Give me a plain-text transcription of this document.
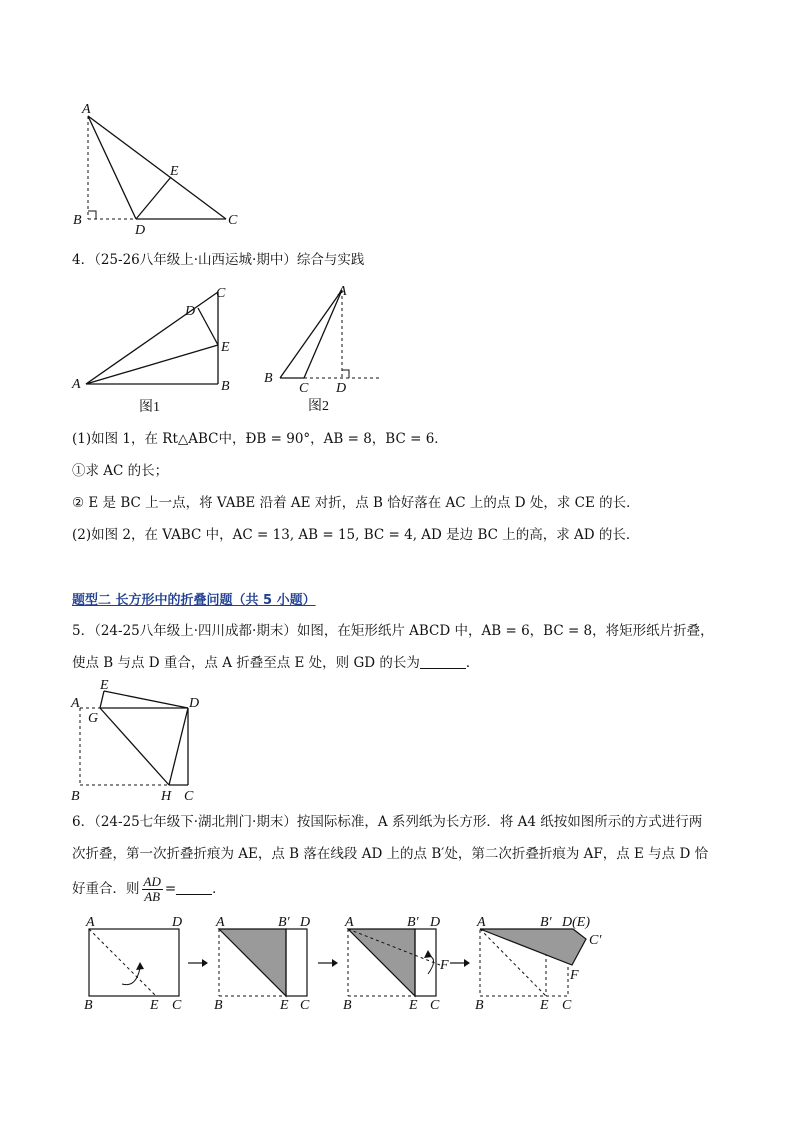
A
B	C
D
E
4．（25-26八年级上·山西运城·期中）综合与实践
A	B
C
D
E
图1
A
B
C D
图2
(1)如图 1，在 Rt△ABC中，ÐB = 90°，AB = 8，BC = 6．
①求 AC 的长；
② E 是 BC 上一点，将 VABE 沿着 AE 对折，点 B 恰好落在 AC 上的点 D 处，求 CE 的长．
(2)如图 2，在 VABC 中，AC = 13, AB = 15, BC = 4, AD 是边 BC 上的高，求 AD 的长．
题型二 长方形中的折叠问题（共 5 小题）
5．（24-25八年级上·四川成都·期末）如图，在矩形纸片 ABCD 中，AB = 6，BC = 8，将矩形纸片折叠，
使点 B 与点 D 重合，点 A 折叠至点 E 处，则 GD 的长为	．
A
B	C
D
E
G
H
6．（24-25七年级下·湖北荆门·期末）按国际标准，A 系列纸为长方形．将 A4 纸按如图所示的方式进行两
次折叠，第一次折叠折痕为 AE，点 B 落在线段 AD 上的点 B′处，第二次折叠折痕为 AF，点 E 与点 D 恰
好重合．则 $\frac{AD}{AB}$ =	．
A	D
B	E C
A	B′ D
B	E C
A	B′ D
F
B	E C
A	B′ D(E)
C′
F
B	E C
